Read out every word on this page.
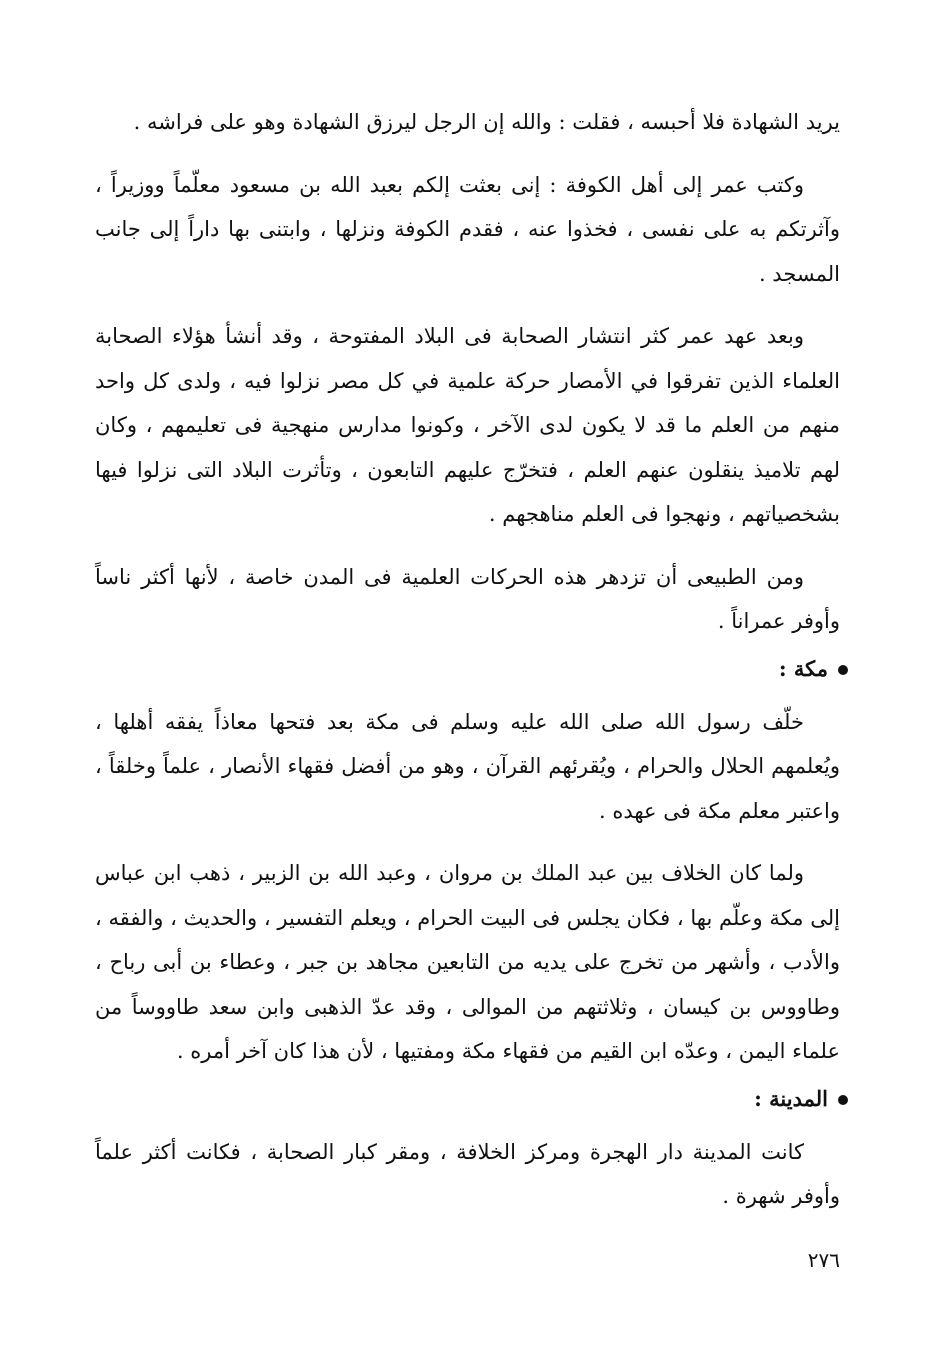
يريد الشهادة فلا أحبسه ، فقلت : والله إن الرجل ليرزق الشهادة وهو على فراشه .

وكتب عمر إلى أهل الكوفة : إنى بعثت إلكم بعبد الله بن مسعود معلّماً ووزيراً ، وآثرتكم به على نفسى ، فخذوا عنه ، فقدم الكوفة ونزلها ، وابتنى بها داراً إلى جانب المسجد .

وبعد عهد عمر كثر انتشار الصحابة فى البلاد المفتوحة ، وقد أنشأ هؤلاء الصحابة العلماء الذين تفرقوا في الأمصار حركة علمية في كل مصر نزلوا فيه ، ولدى كل واحد منهم من العلم ما قد لا يكون لدى الآخر ، وكونوا مدارس منهجية فى تعليمهم ، وكان لهم تلاميذ ينقلون عنهم العلم ، فتخرّج عليهم التابعون ، وتأثرت البلاد التى نزلوا فيها بشخصياتهم ، ونهجوا فى العلم مناهجهم .

ومن الطبيعى أن تزدهر هذه الحركات العلمية فى المدن خاصة ، لأنها أكثر ناساً وأوفر عمراناً .

مكة :

خلّف رسول الله صلى الله عليه وسلم فى مكة بعد فتحها معاذاً يفقه أهلها ، ويُعلمهم الحلال والحرام ، ويُقرئهم القرآن ، وهو من أفضل فقهاء الأنصار ، علماً وخلقاً ، واعتبر معلم مكة فى عهده .

ولما كان الخلاف بين عبد الملك بن مروان ، وعبد الله بن الزبير ، ذهب ابن عباس إلى مكة وعلّم بها ، فكان يجلس فى البيت الحرام ، ويعلم التفسير ، والحديث ، والفقه ، والأدب ، وأشهر من تخرج على يديه من التابعين مجاهد بن جبر ، وعطاء بن أبى رباح ، وطاووس بن كيسان ، وثلاثتهم من الموالى ، وقد عدّ الذهبى وابن سعد طاووساً من علماء اليمن ، وعدّه ابن القيم من فقهاء مكة ومفتيها ، لأن هذا كان آخر أمره .

المدينة :

كانت المدينة دار الهجرة ومركز الخلافة ، ومقر كبار الصحابة ، فكانت أكثر علماً وأوفر شهرة .

٢٧٦
